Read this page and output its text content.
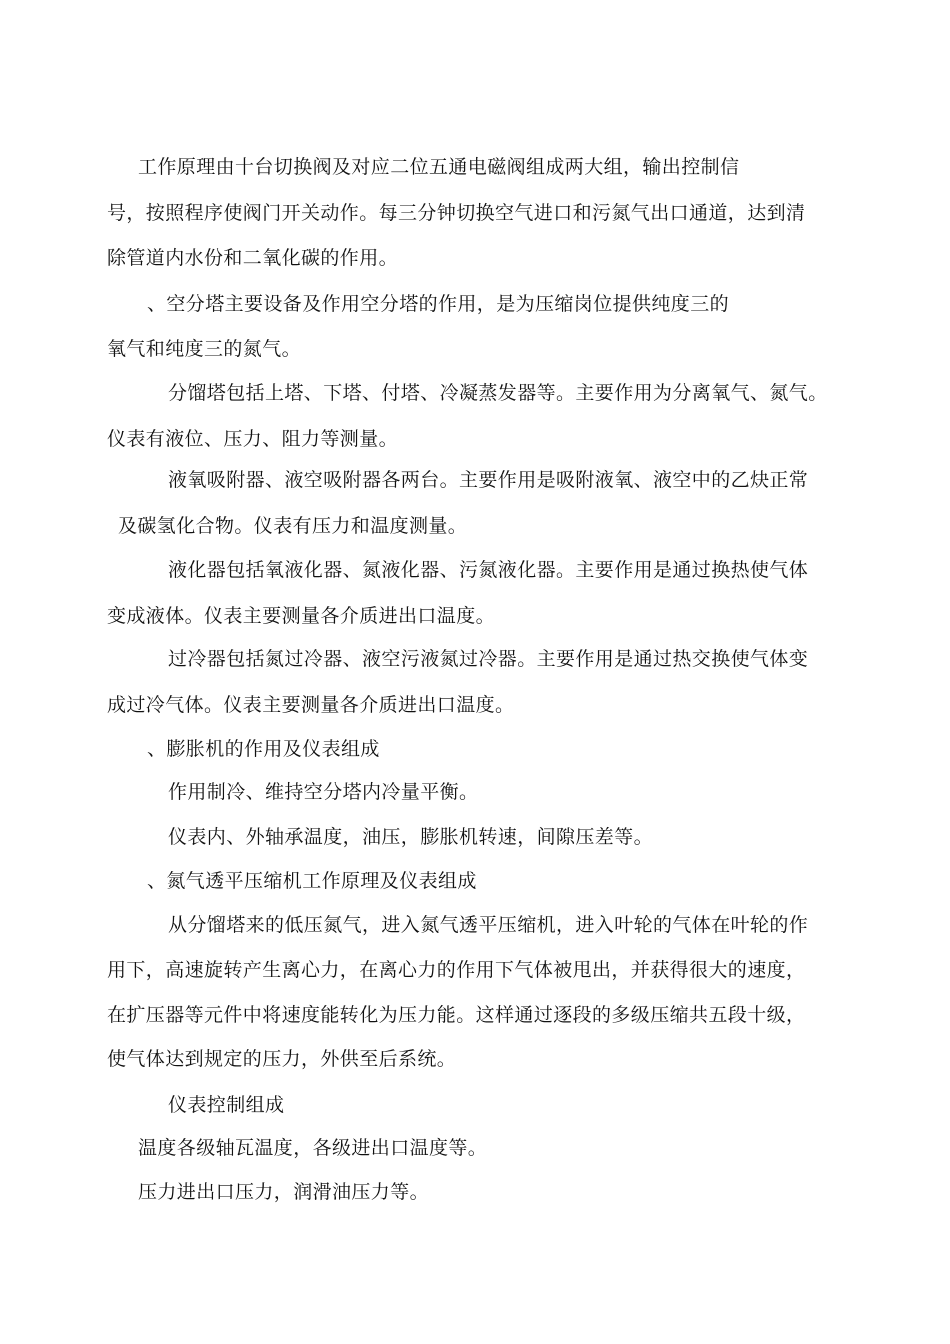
工作原理由十台切换阀及对应二位五通电磁阀组成两大组，输出控制信
号，按照程序使阀门开关动作。每三分钟切换空气进口和污氮气出口通道，达到清
除管道内水份和二氧化碳的作用。
、空分塔主要设备及作用空分塔的作用，是为压缩岗位提供纯度三的
氧气和纯度三的氮气。
分馏塔包括上塔、下塔、付塔、冷凝蒸发器等。主要作用为分离氧气、氮气。
仪表有液位、压力、阻力等测量。
液氧吸附器、液空吸附器各两台。主要作用是吸附液氧、液空中的乙炔正常
及碳氢化合物。仪表有压力和温度测量。
液化器包括氧液化器、氮液化器、污氮液化器。主要作用是通过换热使气体
变成液体。仪表主要测量各介质进出口温度。
过冷器包括氮过冷器、液空污液氮过冷器。主要作用是通过热交换使气体变
成过冷气体。仪表主要测量各介质进出口温度。
、膨胀机的作用及仪表组成
作用制冷、维持空分塔内冷量平衡。
仪表内、外轴承温度，油压，膨胀机转速，间隙压差等。
、氮气透平压缩机工作原理及仪表组成
从分馏塔来的低压氮气，进入氮气透平压缩机，进入叶轮的气体在叶轮的作
用下，高速旋转产生离心力，在离心力的作用下气体被甩出，并获得很大的速度，
在扩压器等元件中将速度能转化为压力能。这样通过逐段的多级压缩共五段十级，
使气体达到规定的压力，外供至后系统。
仪表控制组成
温度各级轴瓦温度，各级进出口温度等。
压力进出口压力，润滑油压力等。
